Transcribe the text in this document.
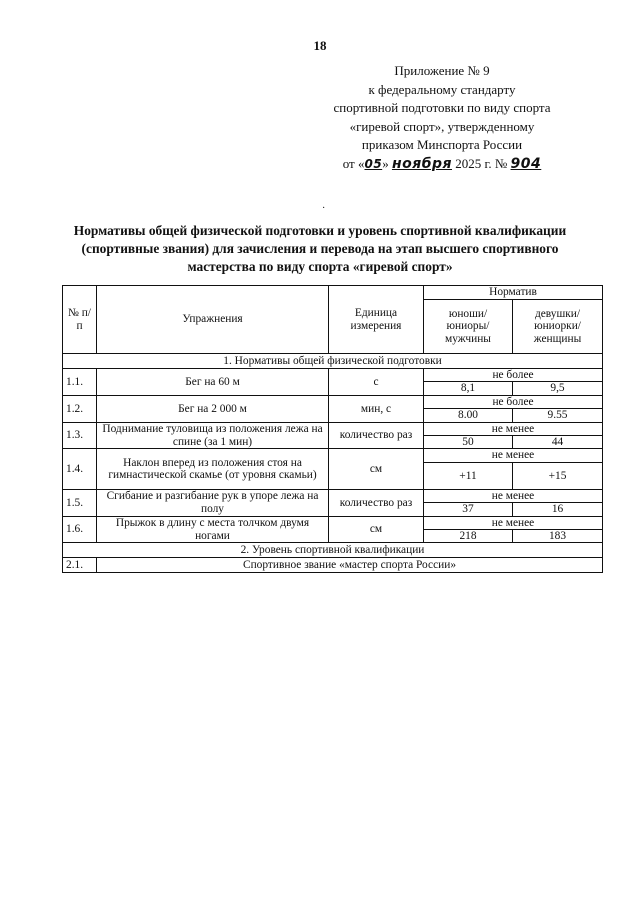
18
Приложение № 9
к федеральному стандарту
спортивной подготовки по виду спорта
«гиревой спорт», утвержденному
приказом Минспорта России
от «05» ноября 2025 г. № 904
·
Нормативы общей физической подготовки и уровень спортивной квалификации (спортивные звания) для зачисления и перевода на этап высшего спортивного мастерства по виду спорта «гиревой спорт»
№ п/п	Упражнения	Единица измерения	Норматив	
			юноши/ юниоры/ мужчины	девушки/ юниорки/ женщины
1. Нормативы общей физической подготовки				
1.1.	Бег на 60 м	с	не более	
			8,1	9,5
1.2.	Бег на 2 000 м	мин, с	не более	
			8.00	9.55
1.3.	Поднимание туловища из положения лежа на спине (за 1 мин)	количество раз	не менее	
			50	44
1.4.	Наклон вперед из положения стоя на гимнастической скамье (от уровня скамьи)	см	не менее	
			+11	+15
1.5.	Сгибание и разгибание рук в упоре лежа на полу	количество раз	не менее	
			37	16
1.6.	Прыжок в длину с места толчком двумя ногами	см	не менее	
			218	183
2. Уровень спортивной квалификации				
2.1.	Спортивное звание «мастер спорта России»			
